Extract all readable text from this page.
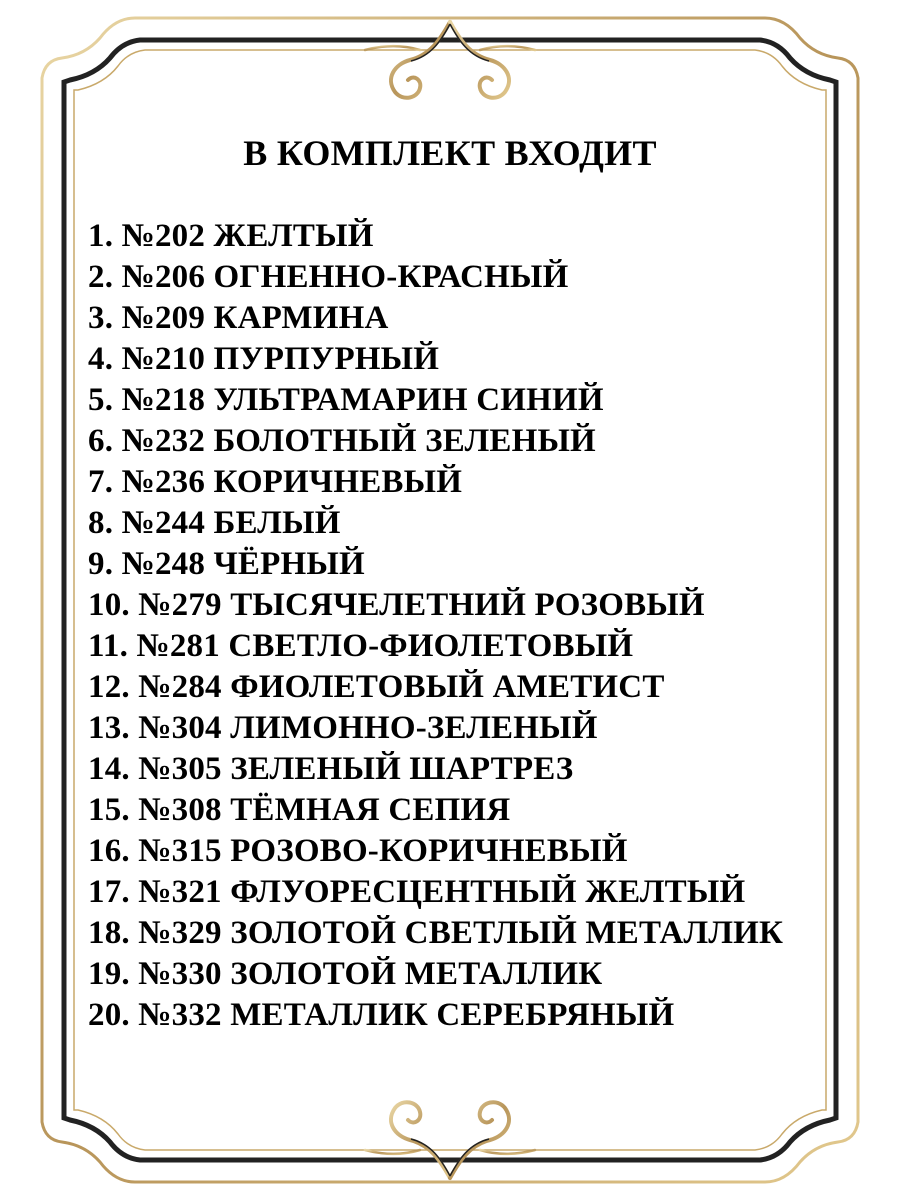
В КОМПЛЕКТ ВХОДИТ
1. №202 ЖЕЛТЫЙ
2. №206 ОГНЕННО-КРАСНЫЙ
3. №209 КАРМИНА
4. №210 ПУРПУРНЫЙ
5. №218 УЛЬТРАМАРИН СИНИЙ
6. №232 БОЛОТНЫЙ ЗЕЛЕНЫЙ
7. №236 КОРИЧНЕВЫЙ
8. №244 БЕЛЫЙ
9. №248 ЧЁРНЫЙ
10. №279 ТЫСЯЧЕЛЕТНИЙ РОЗОВЫЙ
11. №281 СВЕТЛО-ФИОЛЕТОВЫЙ
12. №284 ФИОЛЕТОВЫЙ АМЕТИСТ
13. №304 ЛИМОННО-ЗЕЛЕНЫЙ
14. №305 ЗЕЛЕНЫЙ ШАРТРЕЗ
15. №308 ТЁМНАЯ СЕПИЯ
16. №315 РОЗОВО-КОРИЧНЕВЫЙ
17. №321 ФЛУОРЕСЦЕНТНЫЙ ЖЕЛТЫЙ
18. №329 ЗОЛОТОЙ СВЕТЛЫЙ МЕТАЛЛИК
19. №330 ЗОЛОТОЙ МЕТАЛЛИК
20. №332 МЕТАЛЛИК СЕРЕБРЯНЫЙ
